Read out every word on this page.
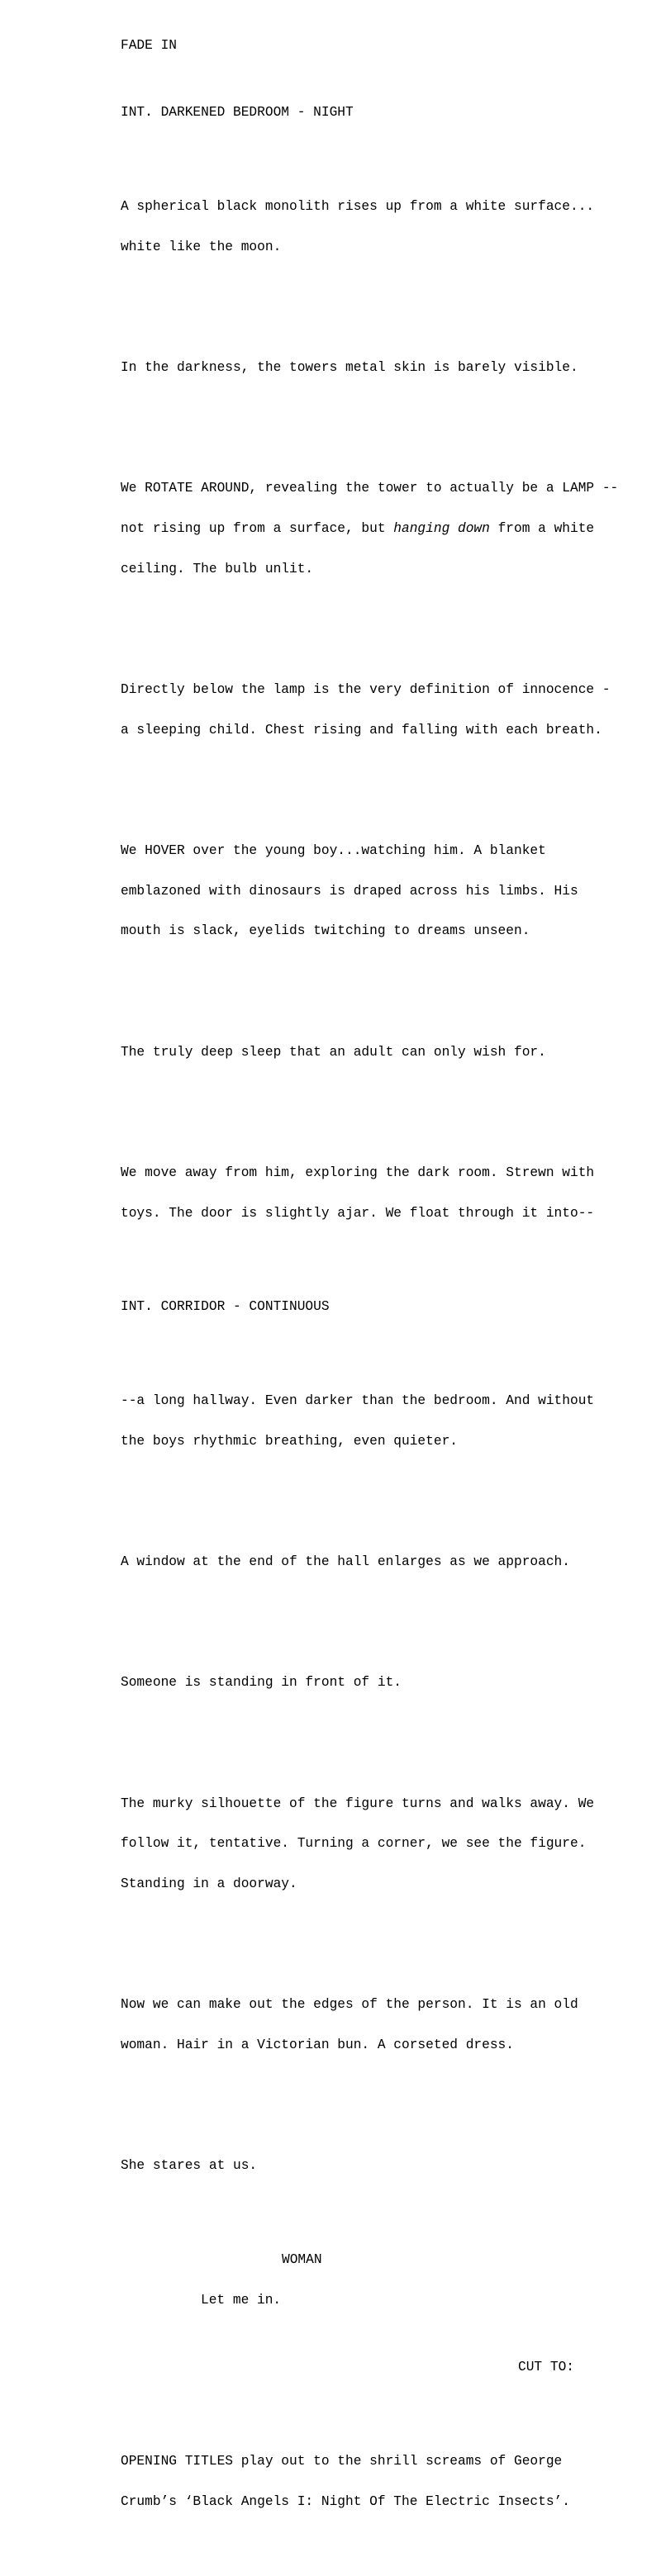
FADE IN

INT. DARKENED BEDROOM - NIGHT

A spherical black monolith rises up from a white surface...

white like the moon.

In the darkness, the towers metal skin is barely visible.

We ROTATE AROUND, revealing the tower to actually be a LAMP --

not rising up from a surface, but hanging down from a white

ceiling. The bulb unlit.

Directly below the lamp is the very definition of innocence -

a sleeping child. Chest rising and falling with each breath.

We HOVER over the young boy...watching him. A blanket

emblazoned with dinosaurs is draped across his limbs. His

mouth is slack, eyelids twitching to dreams unseen.

The truly deep sleep that an adult can only wish for.

We move away from him, exploring the dark room. Strewn with

toys. The door is slightly ajar. We float through it into--

INT. CORRIDOR - CONTINUOUS

--a long hallway. Even darker than the bedroom. And without

the boys rhythmic breathing, even quieter.

A window at the end of the hall enlarges as we approach.

Someone is standing in front of it.

The murky silhouette of the figure turns and walks away. We

follow it, tentative. Turning a corner, we see the figure.

Standing in a doorway.

Now we can make out the edges of the person. It is an old

woman. Hair in a Victorian bun. A corseted dress.

She stares at us.

WOMAN

Let me in.

CUT TO:

OPENING TITLES play out to the shrill screams of George

Crumb’s ‘Black Angels I: Night Of The Electric Insects’.
